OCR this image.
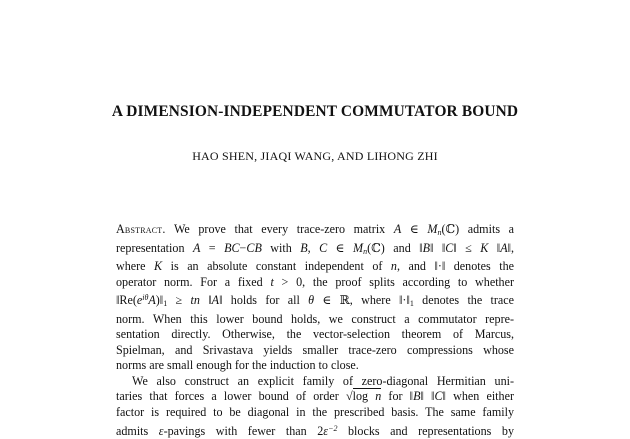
A DIMENSION-INDEPENDENT COMMUTATOR BOUND
HAO SHEN, JIAQI WANG, AND LIHONG ZHI

Abstract. We prove that every trace-zero matrix A ∈ $M_n(ℂ)$ admits a
representation A = BC−CB with B, C ∈ $M_n(ℂ)$ and ‖B‖ ‖C‖ ≤ K ‖A‖,
where K is an absolute constant independent of n, and ‖·‖ denotes the
operator norm. For a fixed t > 0, the proof splits according to whether
$‖Re(e^{i\theta}A)‖_1$ ≥ tn ‖A‖ holds for all θ ∈ ℝ, where $‖\cdot‖_1$ denotes the trace
norm. When this lower bound holds, we construct a commutator repre-
sentation directly. Otherwise, the vector-selection theorem of Marcus,
Spielman, and Srivastava yields smaller trace-zero compressions whose
norms are small enough for the induction to close.

We also construct an explicit family of zero-diagonal Hermitian uni-
taries that forces a lower bound of order √log n for ‖B‖ ‖C‖ when either
factor is required to be diagonal in the prescribed basis. The same family
admits ε-pavings with fewer than $2\varepsilon^{-2}$ blocks and representations by
